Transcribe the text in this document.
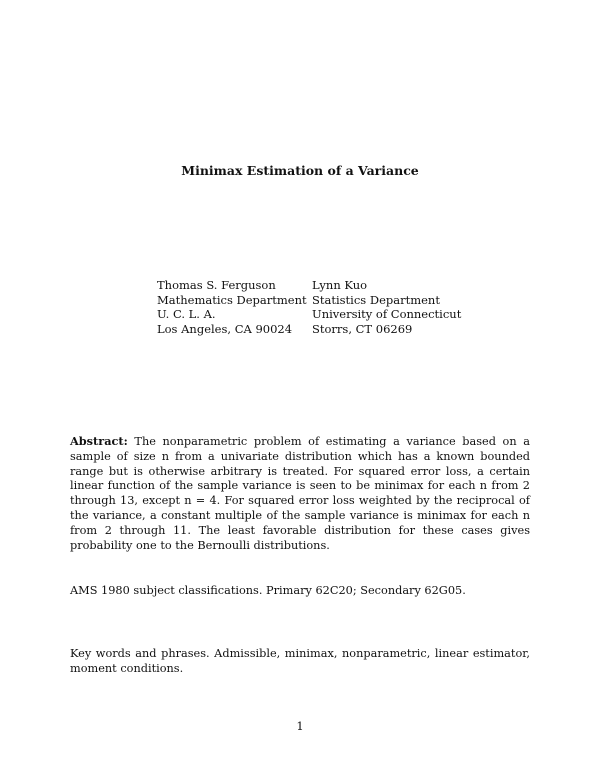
Minimax Estimation of a Variance
Thomas S. Ferguson
Mathematics Department
U. C. L. A.
Los Angeles, CA 90024
Lynn Kuo
Statistics Department
University of Connecticut
Storrs, CT 06269
Abstract: The nonparametric problem of estimating a variance based on a sample of size n from a univariate distribution which has a known bounded range but is otherwise arbitrary is treated. For squared error loss, a certain linear function of the sample variance is seen to be minimax for each n from 2 through 13, except n = 4. For squared error loss weighted by the reciprocal of the variance, a constant multiple of the sample variance is minimax for each n from 2 through 11. The least favorable distribution for these cases gives probability one to the Bernoulli distributions.
AMS 1980 subject classifications. Primary 62C20; Secondary 62G05.
Key words and phrases. Admissible, minimax, nonparametric, linear estimator, moment conditions.
1
